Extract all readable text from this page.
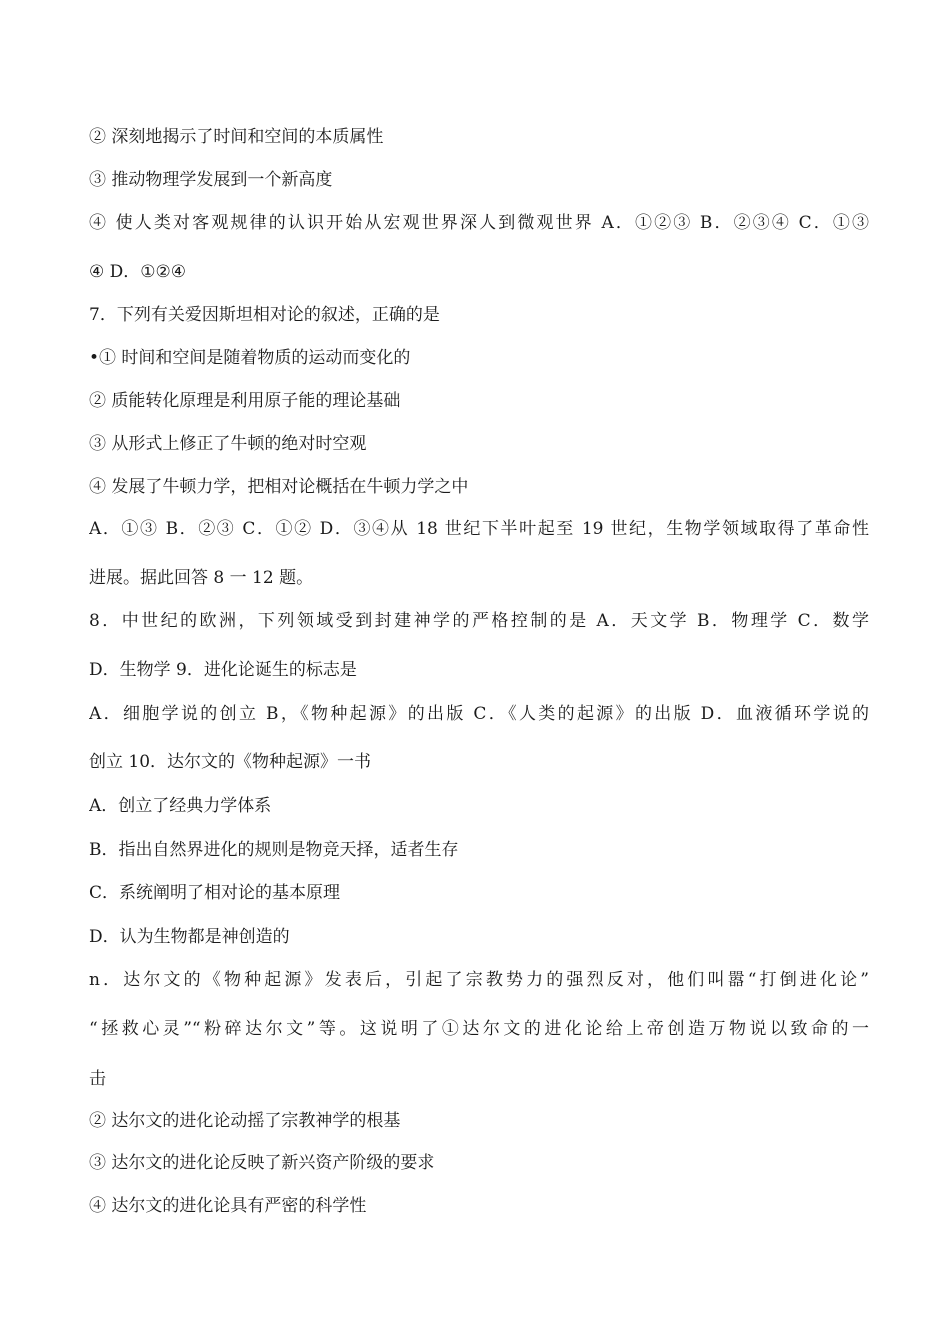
② 深刻地揭示了时间和空间的本质属性
③ 推动物理学发展到一个新高度
④ 使人类对客观规律的认识开始从宏观世界深人到微观世界 A．①②③ B．②③④ C．①③
④ D．①②④
7．下列有关爱因斯坦相对论的叙述，正确的是
•① 时间和空间是随着物质的运动而变化的
② 质能转化原理是利用原子能的理论基础
③ 从形式上修正了牛顿的绝对时空观
④ 发展了牛顿力学，把相对论概括在牛顿力学之中
A．①③ B．②③ C．①② D．③④从 18 世纪下半叶起至 19 世纪，生物学领域取得了革命性
进展。据此回答 8 一 12 题。
8．中世纪的欧洲，下列领域受到封建神学的严格控制的是 A．天文学 B．物理学 C．数学
D．生物学 9．进化论诞生的标志是
A．细胞学说的创立 B，《物种起源》的出版 C．《人类的起源》的出版 D．血液循环学说的
创立 10．达尔文的《物种起源》一书
A．创立了经典力学体系
B．指出自然界进化的规则是物竞天择，适者生存
C．系统阐明了相对论的基本原理
D．认为生物都是神创造的
n．达尔文的《物种起源》发表后，引起了宗教势力的强烈反对，他们叫嚣“打倒进化论”
“拯救心灵”“粉碎达尔文”等。这说明了①达尔文的进化论给上帝创造万物说以致命的一
击
② 达尔文的进化论动摇了宗教神学的根基
③ 达尔文的进化论反映了新兴资产阶级的要求
④ 达尔文的进化论具有严密的科学性
